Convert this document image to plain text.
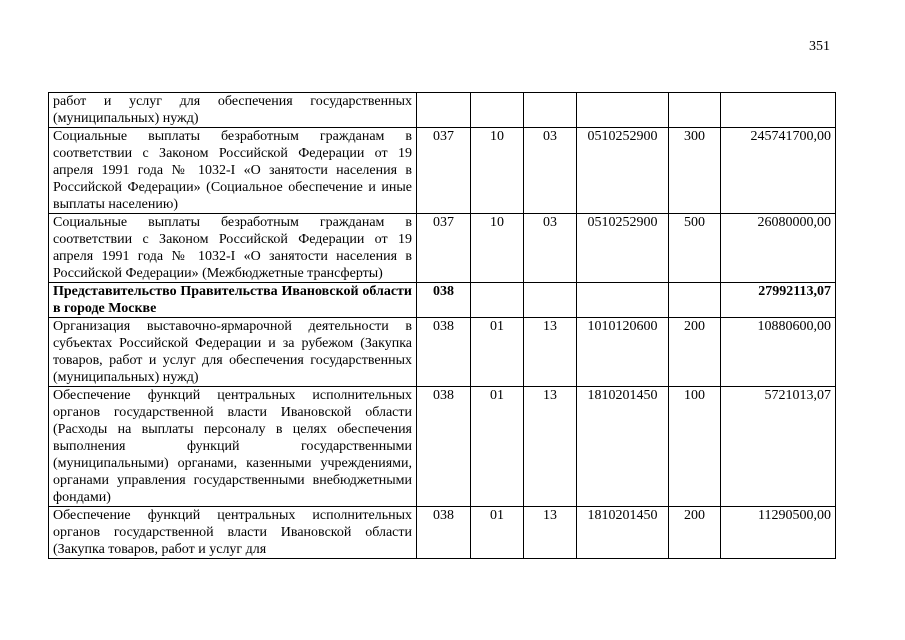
351
работ и услуг для обеспечения государственных (муниципальных) нужд)						
Социальные выплаты безработным гражданам в соответствии с Законом Российской Федерации от 19 апреля 1991 года № 1032-I «О занятости населения в Российской Федерации» (Социальное обеспечение и иные выплаты населению)	037	10	03	0510252900	300	245741700,00
Социальные выплаты безработным гражданам в соответствии с Законом Российской Федерации от 19 апреля 1991 года № 1032-I «О занятости населения в Российской Федерации» (Межбюджетные трансферты)	037	10	03	0510252900	500	26080000,00
Представительство Правительства Ивановской области в городе Москве	038					27992113,07
Организация выставочно-ярмарочной деятельности в субъектах Российской Федерации и за рубежом (Закупка товаров, работ и услуг для обеспечения государственных (муниципальных) нужд)	038	01	13	1010120600	200	10880600,00
Обеспечение функций центральных исполнительных органов государственной власти Ивановской области (Расходы на выплаты персоналу в целях обеспечения выполнения функций государственными (муниципальными) органами, казенными учреждениями, органами управления государственными внебюджетными фондами)	038	01	13	1810201450	100	5721013,07
Обеспечение функций центральных исполнительных органов государственной власти Ивановской области (Закупка товаров, работ и услуг для	038	01	13	1810201450	200	11290500,00
